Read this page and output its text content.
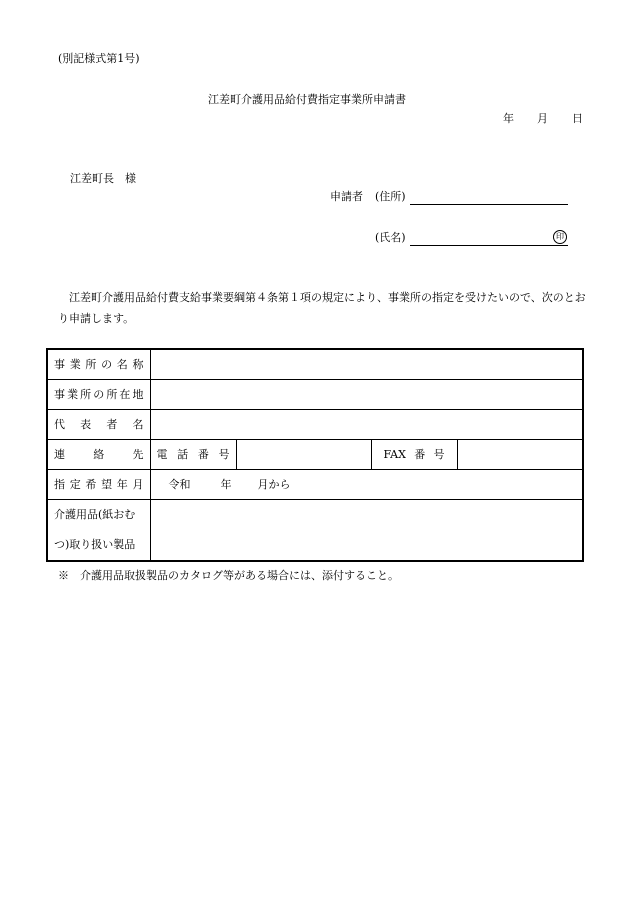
(別記様式第1号)
江差町介護用品給付費指定事業所申請書
年 月 日
江差町長　様
申請者 (住所)
(氏名)	印
江差町介護用品給付費支給事業要綱第４条第１項の規定により、事業所の指定を受けたいので、次のとおり申請します。
事業所の名称				

事業所の所在地				

代表者名				

連絡先	電話番号		FAX番号	

指定希望年月	令和 年 月から			

介護用品(紙おむ
つ)取り扱い製品				

※　介護用品取扱製品のカタログ等がある場合には、添付すること。
